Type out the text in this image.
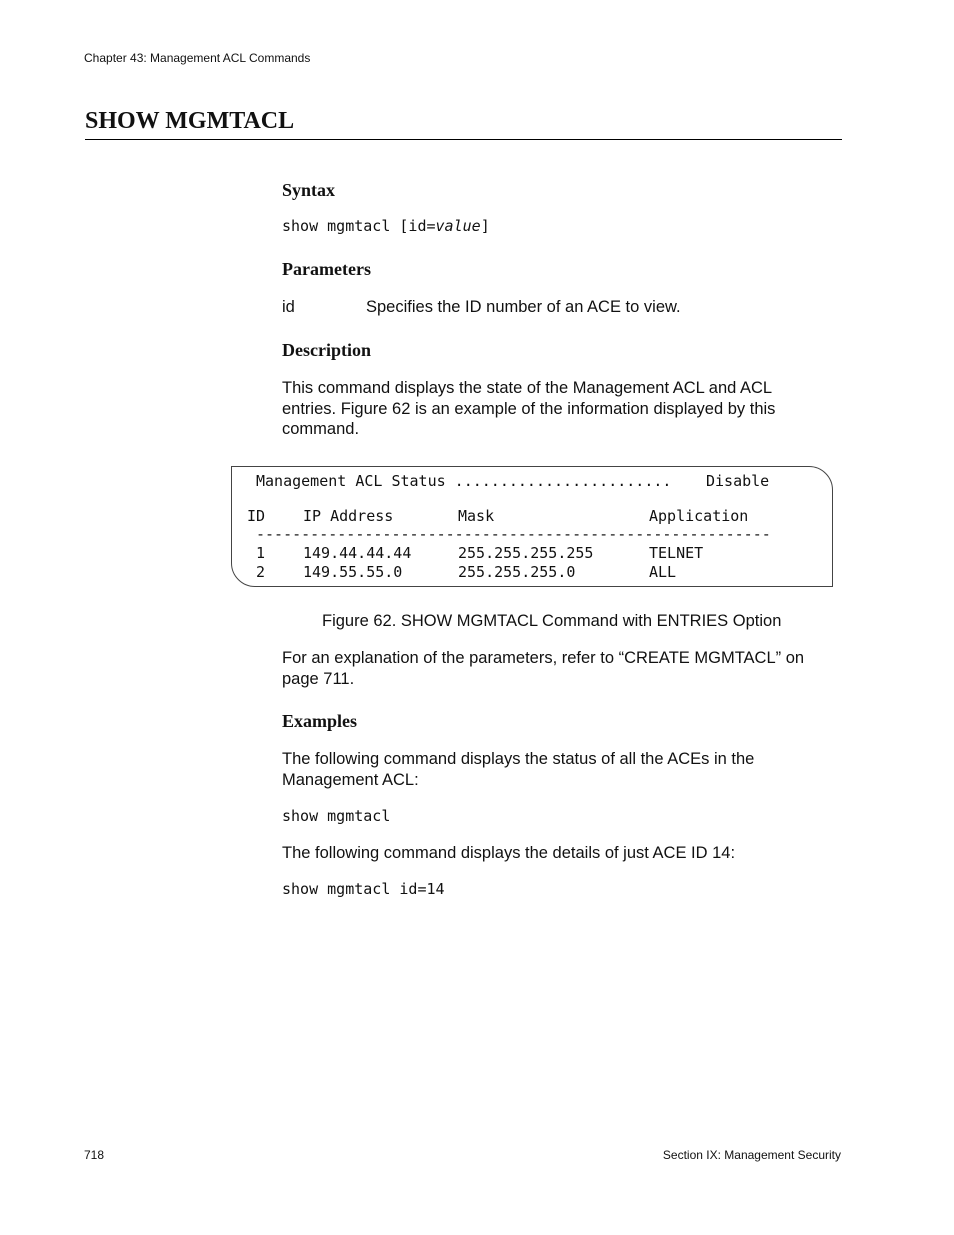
Chapter 43: Management ACL Commands
SHOW MGMTACL
Syntax
show mgmtacl [id=value]
Parameters
id	Specifies the ID number of an ACE to view.
Description

This command displays the state of the Management ACL and ACL entries. Figure 62 is an example of the information displayed by this command.

Management ACL Status ........................ Disable
ID	IP Address	Mask	Application
---------------------------------------------------------
1	149.44.44.44	255.255.255.255	TELNET
2	149.55.55.0	255.255.255.0	ALL
Figure 62. SHOW MGMTACL Command with ENTRIES Option

For an explanation of the parameters, refer to “CREATE MGMTACL” on page 711.

Examples

The following command displays the status of all the ACEs in the Management ACL:

show mgmtacl

The following command displays the details of just ACE ID 14:

show mgmtacl id=14
718	Section IX: Management Security
